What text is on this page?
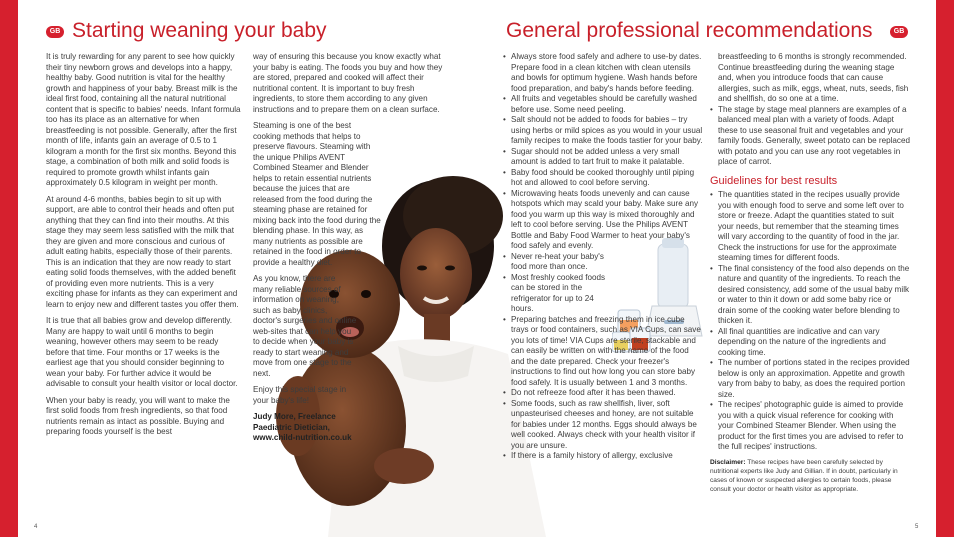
GB Starting weaning your baby	General professional recommendations	GB

It is truly rewarding for any parent to see how quickly their tiny newborn grows and develops into a happy, healthy baby. Good nutrition is vital for the healthy growth and happiness of your baby. Breast milk is the ideal first food, containing all the natural nutritional content that is specific to babies' needs. Infant formula too has its place as an alternative for when breastfeeding is not possible. Generally, after the first month of life, infants gain an average of 0.5 to 1 kilogram a month for the first six months. Beyond this stage, a combination of both milk and solid foods is required to promote growth whilst infants gain approximately 0.5 kilogram in weight per month.

At around 4-6 months, babies begin to sit up with support, are able to control their heads and often put anything that they can find into their mouths. At this stage they may seem less satisfied with the milk that they are given and more conscious and curious of adult eating habits, especially those of their parents. This is an indication that they are now ready to start eating solid foods themselves, with the added benefit of providing even more nutrients. This is a very exciting phase for infants as they can experiment and learn to enjoy new and different tastes you offer them.

It is true that all babies grow and develop differently. Many are happy to wait until 6 months to begin weaning, however others may seem to be ready before that time. Four months or 17 weeks is the earliest age that you should consider beginning to wean your baby. For further advice it would be advisable to consult your health visitor or local doctor.

When your baby is ready, you will want to make the first solid foods from fresh ingredients, so that food nutrients remain as intact as possible. Buying and preparing foods yourself is the best

way of ensuring this because you know exactly what your baby is eating. The foods you buy and how they are stored, prepared and cooked will affect their nutritional content. It is important to buy fresh ingredients, to store them according to any given instructions and to prepare them on a clean surface.

Steaming is one of the best cooking methods that helps to preserve flavours. Steaming with the unique Philips AVENT Combined Steamer and Blender helps to retain essential nutrients because the juices that are released from the food during the steaming phase are retained for mixing back into the food during the blending phase. In this way, as many nutrients as possible are retained in the food in order to provide a healthy diet.

As you know, there are many reliable sources of information on weaning, such as baby clinics, doctor's surgeries and online web-sites that can help you to decide when your baby is ready to start weaning and move from one stage to the next.

Enjoy this special stage in your baby's life!

Judy More, Freelance
Paediatric Dietician,
www.child-nutrition.co.uk
• Always store food safely and adhere to use-by dates. Prepare food in a clean kitchen with clean utensils and bowls for optimum hygiene. Wash hands before food preparation, and baby's hands before feeding.
• All fruits and vegetables should be carefully washed before use. Some need peeling.
• Salt should not be added to foods for babies – try using herbs or mild spices as you would in your usual family recipes to make the foods tastier for your baby.
• Sugar should not be added unless a very small amount is added to tart fruit to make it palatable.
• Baby food should be cooked thoroughly until piping hot and allowed to cool before serving.
• Microwaving heats foods unevenly and can cause hotspots which may scald your baby. Make sure any food you warm up this way is mixed thoroughly and left to cool before serving. Use the Philips AVENT Bottle and Baby Food Warmer to heat your baby's food safely and evenly.
• Never re-heat your baby's food more than once.
• Most freshly cooked foods can be stored in the refrigerator for up to 24 hours.
• Preparing batches and freezing them in ice cube trays or food containers, such as VIA Cups, can save you lots of time! VIA Cups are sterile, stackable and can easily be written on with the name of the food and the date prepared. Check your freezer's instructions to find out how long you can store baby food safely. It is usually between 1 and 3 months.
• Do not refreeze food after it has been thawed.
• Some foods, such as raw shellfish, liver, soft unpasteurised cheeses and honey, are not suitable for babies under 12 months. Eggs should always be well cooked. Always check with your health visitor if you are unsure.
• If there is a family history of allergy, exclusive
breastfeeding to 6 months is strongly recommended. Continue breastfeeding during the weaning stage and, when you introduce foods that can cause allergies, such as milk, eggs, wheat, nuts, seeds, fish and shellfish, do so one at a time.
• The stage by stage meal planners are examples of a balanced meal plan with a variety of foods. Adapt these to use seasonal fruit and vegetables and your family foods. Generally, sweet potato can be replaced with potato and you can use any root vegetables in place of carrot.
Guidelines for best results
• The quantities stated in the recipes usually provide you with enough food to serve and some left over to store or freeze. Adapt the quantities stated to suit your needs, but remember that the steaming times will vary according to the quantity of food in the jar. Check the instructions for use for the approximate steaming times for different foods.
• The final consistency of the food also depends on the nature and quantity of the ingredients. To reach the desired consistency, add some of the usual baby milk or water to thin it down or add some baby rice or drain some of the cooking water before blending to thicken it.
• All final quantities are indicative and can vary depending on the nature of the ingredients and cooking time.
• The number of portions stated in the recipes provided below is only an approximation. Appetite and growth vary from baby to baby, as does the required portion size.
• The recipes' photographic guide is aimed to provide you with a quick visual reference for cooking with your Combined Steamer Blender. When using the product for the first times you are advised to refer to the full recipes' instructions.
Disclaimer: These recipes have been carefully selected by nutritional experts like Judy and Gillian. If in doubt, particularly in cases of known or suspected allergies to certain foods, please consult your doctor or health visitor as appropriate.
4	5
